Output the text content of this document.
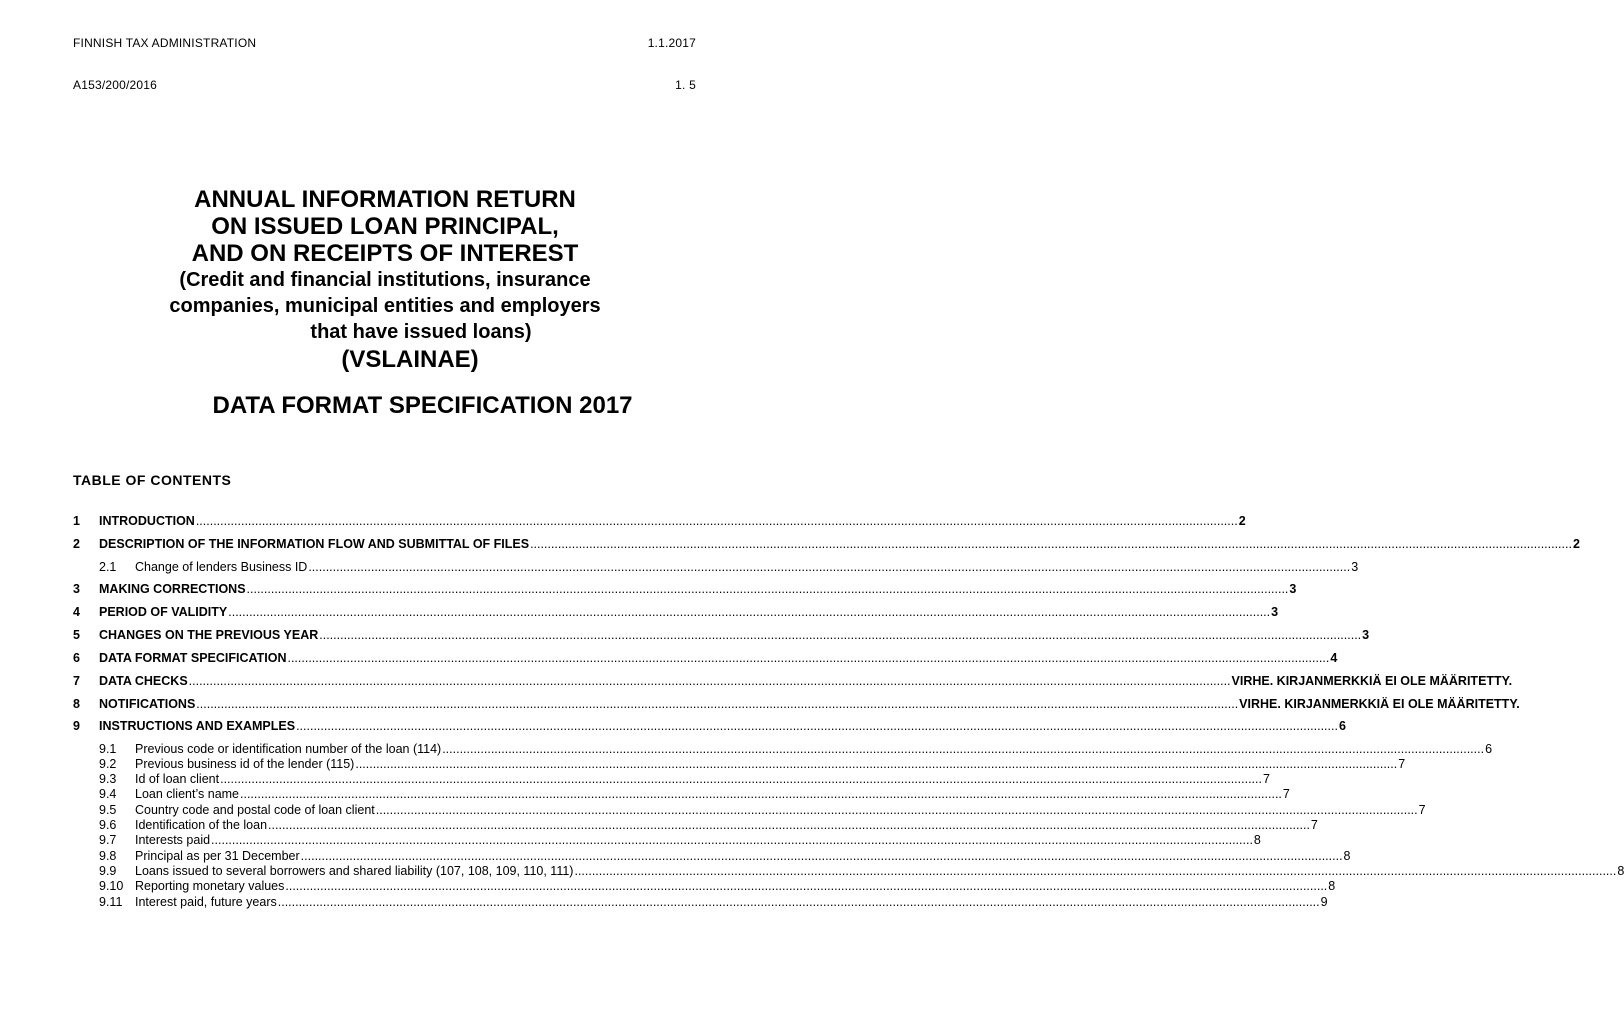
FINNISH TAX ADMINISTRATION	1.1.2017
A153/200/2016	1. 5
ANNUAL INFORMATION RETURN
ON ISSUED LOAN PRINCIPAL,
AND ON RECEIPTS OF INTEREST
(Credit and financial institutions, insurance
companies, municipal entities and employers
that have issued loans)
(VSLAINAE)
DATA FORMAT SPECIFICATION 2017
TABLE OF CONTENTS
1	INTRODUCTION ............................................................................................................................................................................................................................................................................................................ 2
2	DESCRIPTION OF THE INFORMATION FLOW AND SUBMITTAL OF FILES ............................................................................................................................................................................................................................................................................................................ 2
2.1	Change of lenders Business ID ............................................................................................................................................................................................................................................................................................................ 3
3	MAKING CORRECTIONS ............................................................................................................................................................................................................................................................................................................ 3
4	PERIOD OF VALIDITY ............................................................................................................................................................................................................................................................................................................ 3
5	CHANGES ON THE PREVIOUS YEAR ............................................................................................................................................................................................................................................................................................................ 3
6	DATA FORMAT SPECIFICATION ............................................................................................................................................................................................................................................................................................................ 4
7	DATA CHECKS ............................................................................................................................................................................................................................................................................................................ VIRHE. KIRJANMERKKIÄ EI OLE MÄÄRITETTY.
8	NOTIFICATIONS ............................................................................................................................................................................................................................................................................................................ VIRHE. KIRJANMERKKIÄ EI OLE MÄÄRITETTY.
9	INSTRUCTIONS AND EXAMPLES ............................................................................................................................................................................................................................................................................................................ 6
9.1	Previous code or identification number of the loan (114) ............................................................................................................................................................................................................................................................................................................ 6
9.2	Previous business id of the lender (115) ............................................................................................................................................................................................................................................................................................................ 7
9.3	Id of loan client ............................................................................................................................................................................................................................................................................................................ 7
9.4	Loan client’s name ............................................................................................................................................................................................................................................................................................................ 7
9.5	Country code and postal code of loan client ............................................................................................................................................................................................................................................................................................................ 7
9.6	Identification of the loan ............................................................................................................................................................................................................................................................................................................ 7
9.7	Interests paid ............................................................................................................................................................................................................................................................................................................ 8
9.8	Principal as per 31 December ............................................................................................................................................................................................................................................................................................................ 8
9.9	Loans issued to several borrowers and shared liability (107, 108, 109, 110, 111) ............................................................................................................................................................................................................................................................................................................ 8
9.10 Reporting monetary values ............................................................................................................................................................................................................................................................................................................ 8
9.11	Interest paid, future years ............................................................................................................................................................................................................................................................................................................ 9
